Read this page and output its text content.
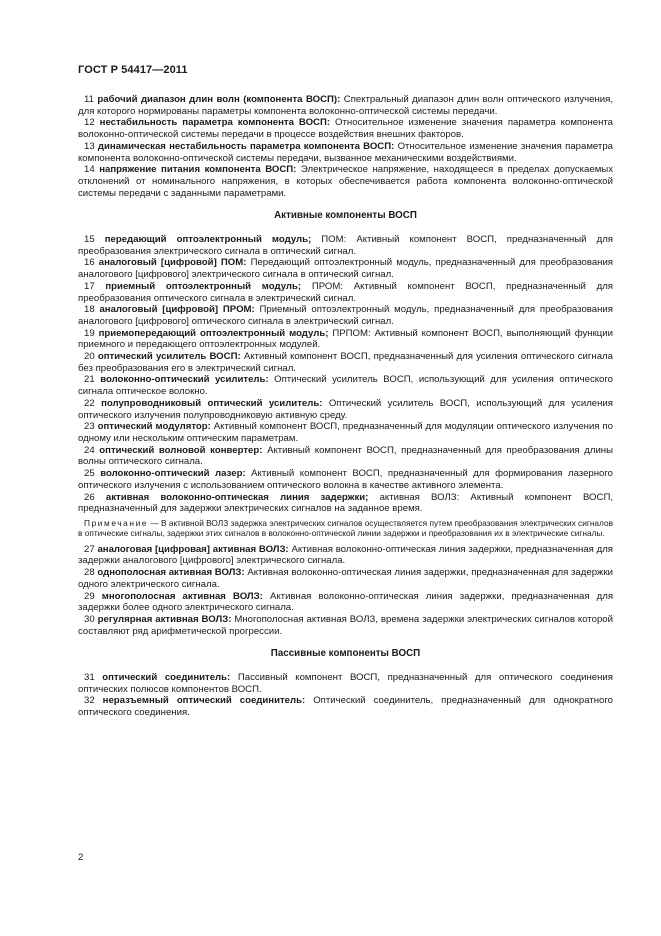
ГОСТ Р 54417—2011

11 рабочий диапазон длин волн (компонента ВОСП): Спектральный диапазон длин волн оптического излучения, для которого нормированы параметры компонента волоконно-оптической системы передачи.

12 нестабильность параметра компонента ВОСП: Относительное изменение значения параметра компонента волоконно-оптической системы передачи в процессе воздействия внешних факторов.

13 динамическая нестабильность параметра компонента ВОСП: Относительное изменение значения параметра компонента волоконно-оптической системы передачи, вызванное механическими воздействиями.

14 напряжение питания компонента ВОСП: Электрическое напряжение, находящееся в пределах допускаемых отклонений от номинального напряжения, в которых обеспечивается работа компонента волоконно-оптической системы передачи с заданными параметрами.

Активные компоненты ВОСП

15 передающий оптоэлектронный модуль; ПОМ: Активный компонент ВОСП, предназначенный для преобразования электрического сигнала в оптический сигнал.

16 аналоговый [цифровой] ПОМ: Передающий оптоэлектронный модуль, предназначенный для преобразования аналогового [цифрового] электрического сигнала в оптический сигнал.

17 приемный оптоэлектронный модуль; ПРОМ: Активный компонент ВОСП, предназначенный для преобразования оптического сигнала в электрический сигнал.

18 аналоговый [цифровой] ПРОМ: Приемный оптоэлектронный модуль, предназначенный для преобразования аналогового [цифрового] оптического сигнала в электрический сигнал.

19 приемопередающий оптоэлектронный модуль; ПРПОМ: Активный компонент ВОСП, выполняющий функции приемного и передающего оптоэлектронных модулей.

20 оптический усилитель ВОСП: Активный компонент ВОСП, предназначенный для усиления оптического сигнала без преобразования его в электрический сигнал.

21 волоконно-оптический усилитель: Оптический усилитель ВОСП, использующий для усиления оптического сигнала оптическое волокно.

22 полупроводниковый оптический усилитель: Оптический усилитель ВОСП, использующий для усиления оптического излучения полупроводниковую активную среду.

23 оптический модулятор: Активный компонент ВОСП, предназначенный для модуляции оптического излучения по одному или нескольким оптическим параметрам.

24 оптический волновой конвертер: Активный компонент ВОСП, предназначенный для преобразования длины волны оптического сигнала.

25 волоконно-оптический лазер: Активный компонент ВОСП, предназначенный для формирования лазерного оптического излучения с использованием оптического волокна в качестве активного элемента.

26 активная волоконно-оптическая линия задержки; активная ВОЛЗ: Активный компонент ВОСП, предназначенный для задержки электрических сигналов на заданное время.

Примечание — В активной ВОЛЗ задержка электрических сигналов осуществляется путем преобразования электрических сигналов в оптические сигналы, задержки этих сигналов в волоконно-оптической линии задержки и преобразования их в электрические сигналы.

27 аналоговая [цифровая] активная ВОЛЗ: Активная волоконно-оптическая линия задержки, предназначенная для задержки аналогового [цифрового] электрического сигнала.

28 однополосная активная ВОЛЗ: Активная волоконно-оптическая линия задержки, предназначенная для задержки одного электрического сигнала.

29 многополосная активная ВОЛЗ: Активная волоконно-оптическая линия задержки, предназначенная для задержки более одного электрического сигнала.

30 регулярная активная ВОЛЗ: Многополосная активная ВОЛЗ, времена задержки электрических сигналов которой составляют ряд арифметической прогрессии.

Пассивные компоненты ВОСП

31 оптический соединитель: Пассивный компонент ВОСП, предназначенный для оптического соединения оптических полюсов компонентов ВОСП.

32 неразъемный оптический соединитель: Оптический соединитель, предназначенный для однократного оптического соединения.

2
